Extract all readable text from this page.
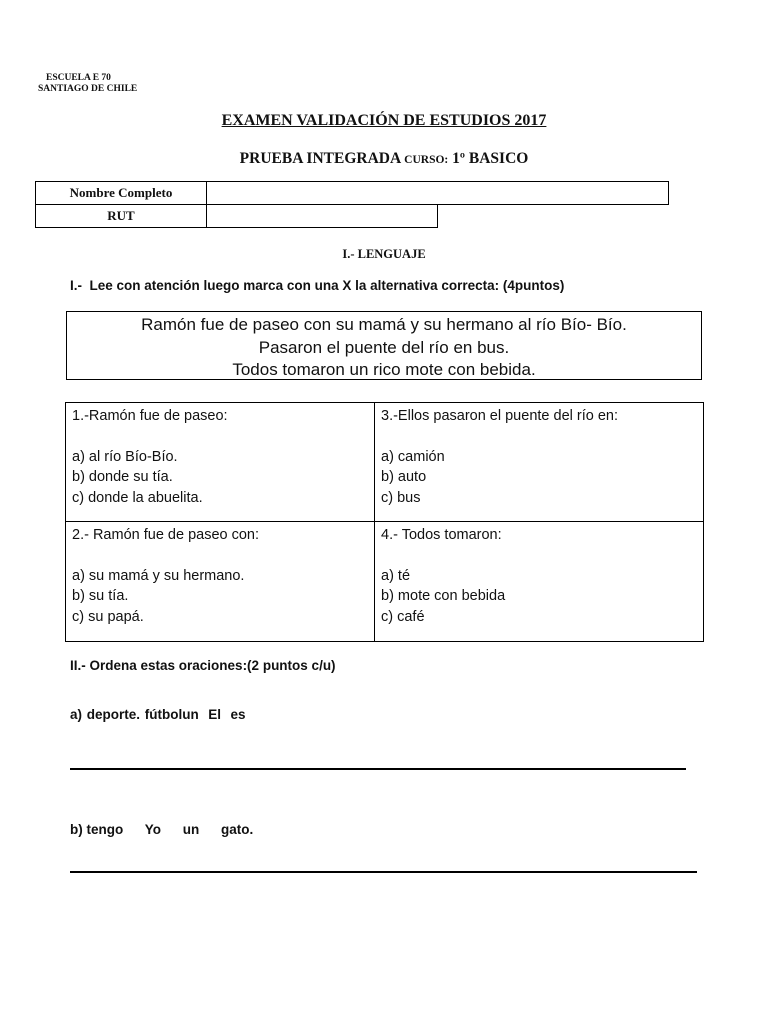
ESCUELA E 70
SANTIAGO DE CHILE
EXAMEN VALIDACIÓN DE ESTUDIOS 2017
PRUEBA INTEGRADA CURSO: 1º BASICO
Nombre Completo		
RUT		
I.- LENGUAJE
I.- Lee con atención luego marca con una X la alternativa correcta: (4puntos)
Ramón fue de paseo con su mamá y su hermano al río Bío- Bío.
Pasaron el puente del río en bus.
Todos tomaron un rico mote con bebida.
1.-Ramón fue de paseo:
a) al río Bío-Bío.
b) donde su tía.
c) donde la abuelita.
3.-Ellos pasaron el puente del río en:
a) camión
b) auto
c) bus
2.- Ramón fue de paseo con:
a) su mamá y su hermano.
b) su tía.
c) su papá.
4.- Todos tomaron:
a) té
b) mote con bebida
c) café
II.- Ordena estas oraciones:(2 puntos c/u)
a) deporte. fútbolun  El  es
b) tengo Yo un gato.
